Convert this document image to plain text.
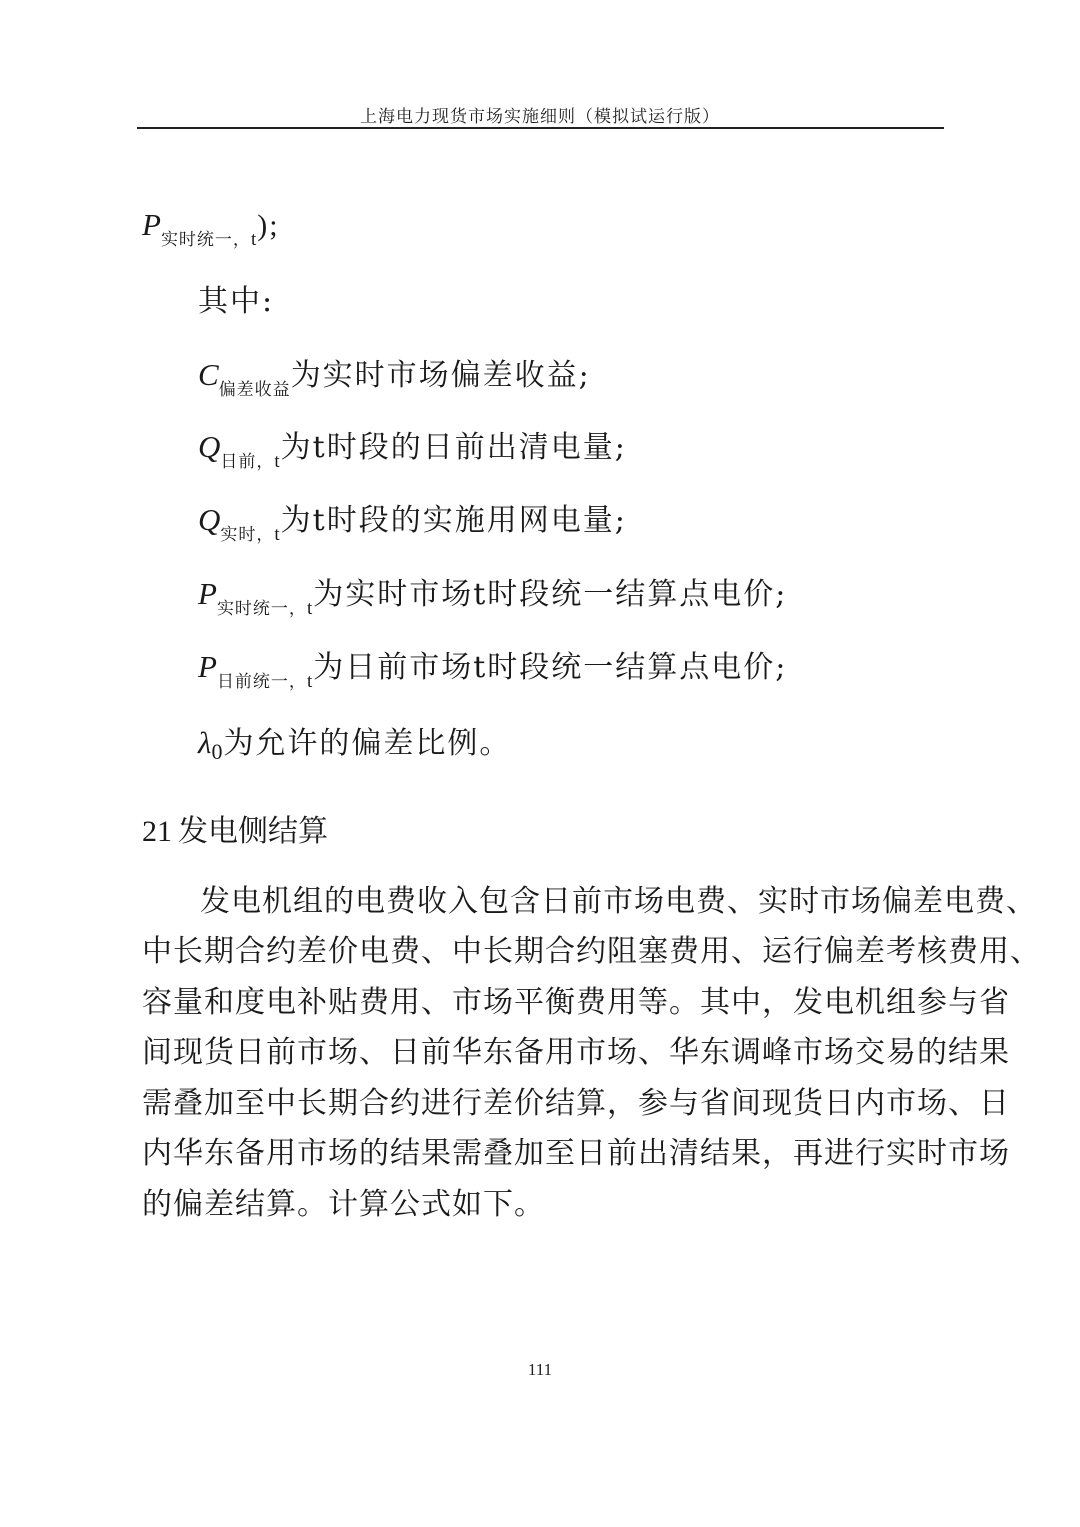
上海电力现货市场实施细则（模拟试运行版）
$P_{实时统一,t}$);
其中:
$C_{偏差收益}$为实时市场偏差收益;
$Q_{日前,t}$为t时段的日前出清电量;
$Q_{实时,t}$为t时段的实施用网电量;
$P_{实时统一,t}$为实时市场t时段统一结算点电价;
$P_{日前统一,t}$为日前市场t时段统一结算点电价;
$\lambda_0$为允许的偏差比例。
21 发电侧结算
发电机组的电费收入包含日前市场电费、实时市场偏差电费、
中长期合约差价电费、中长期合约阻塞费用、运行偏差考核费用、
容量和度电补贴费用、市场平衡费用等。其中，发电机组参与省
间现货日前市场、日前华东备用市场、华东调峰市场交易的结果
需叠加至中长期合约进行差价结算，参与省间现货日内市场、日
内华东备用市场的结果需叠加至日前出清结果，再进行实时市场
的偏差结算。计算公式如下。
111
